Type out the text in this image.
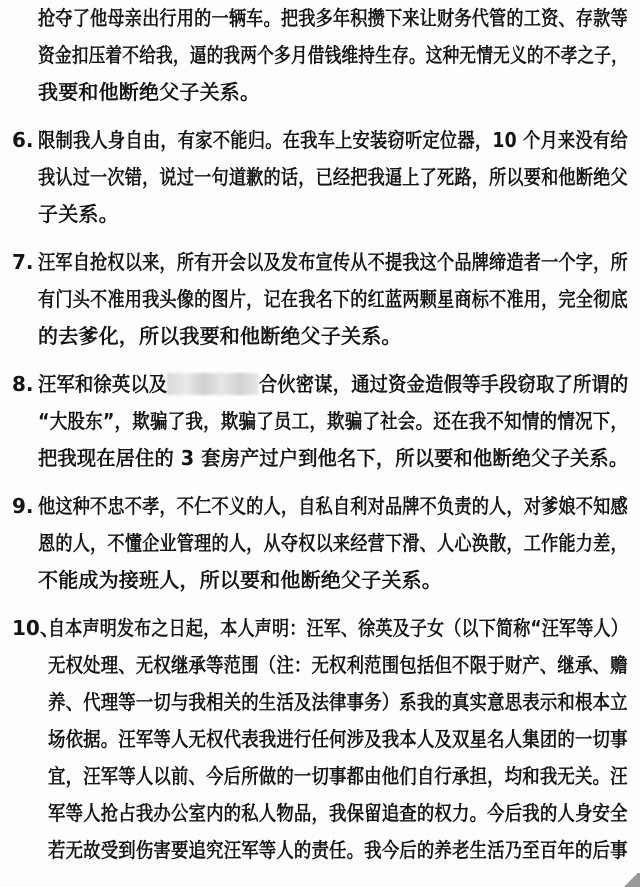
抢夺了他母亲出行用的一辆车。把我多年积攒下来让财务代管的工资、存款等
资金扣压着不给我，逼的我两个多月借钱维持生存。这种无情无义的不孝之子，
我要和他断绝父子关系。
6. 限制我人身自由，有家不能归。在我车上安装窃听定位器，10 个月来没有给
我认过一次错，说过一句道歉的话，已经把我逼上了死路，所以要和他断绝父
子关系。
7. 汪军自抢权以来，所有开会以及发布宣传从不提我这个品牌缔造者一个字，所
有门头不准用我头像的图片，记在我名下的红蓝两颗星商标不准用，完全彻底
的去爹化，所以我要和他断绝父子关系。
8. 汪军和徐英以及	合伙密谋，通过资金造假等手段窃取了所谓的
“大股东”，欺骗了我，欺骗了员工，欺骗了社会。还在我不知情的情况下，
把我现在居住的 3 套房产过户到他名下，所以要和他断绝父子关系。
9. 他这种不忠不孝，不仁不义的人，自私自利对品牌不负责的人，对爹娘不知感
恩的人，不懂企业管理的人，从夺权以来经营下滑、人心涣散，工作能力差，
不能成为接班人，所以要和他断绝父子关系。
10、
自本声明发布之日起，本人声明：汪军、徐英及子女（以下简称“汪军等人）
无权处理、无权继承等范围（注：无权利范围包括但不限于财产、继承、赡
养、代理等一切与我相关的生活及法律事务）系我的真实意思表示和根本立
场依据。汪军等人无权代表我进行任何涉及我本人及双星名人集团的一切事
宜，汪军等人以前、今后所做的一切事都由他们自行承担，均和我无关。汪
军等人抢占我办公室内的私人物品，我保留追查的权力。今后我的人身安全
若无故受到伤害要追究汪军等人的责任。我今后的养老生活乃至百年的后事
